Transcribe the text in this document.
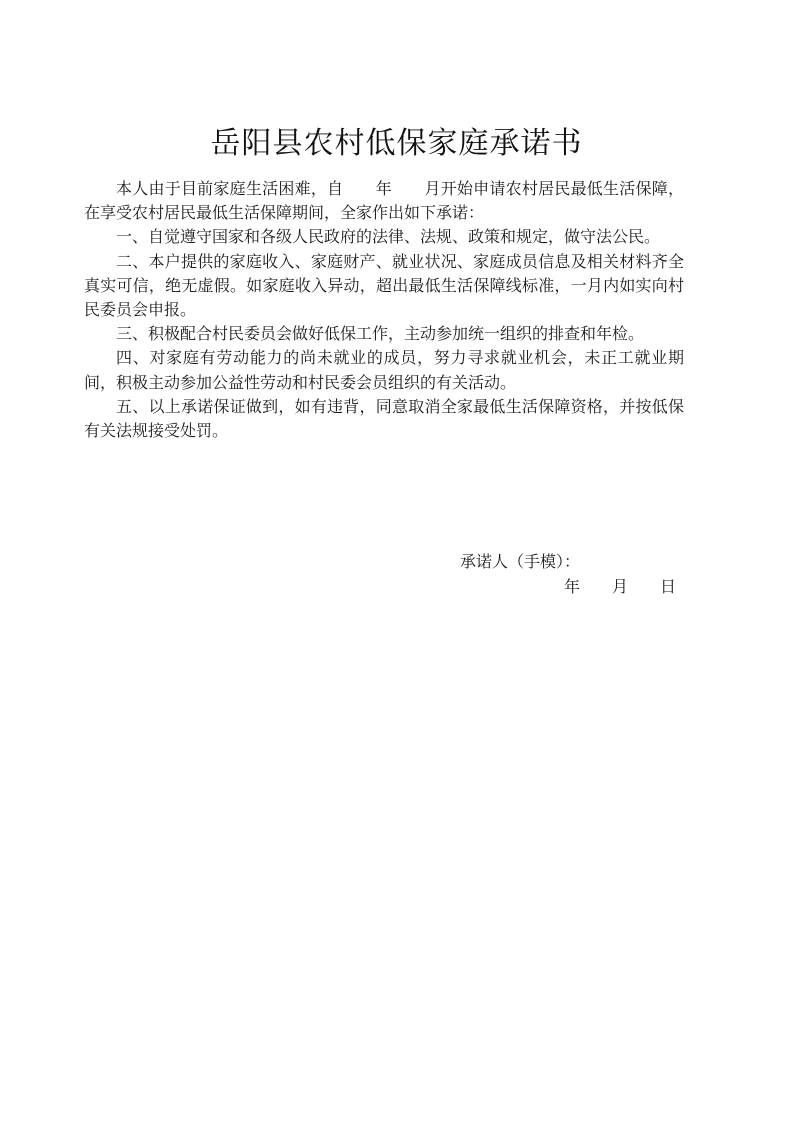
岳阳县农村低保家庭承诺书

本人由于目前家庭生活困难，自　　年　　月开始申请农村居民最低生活保障，在享受农村居民最低生活保障期间，全家作出如下承诺：

一、自觉遵守国家和各级人民政府的法律、法规、政策和规定，做守法公民。

二、本户提供的家庭收入、家庭财产、就业状况、家庭成员信息及相关材料齐全真实可信，绝无虚假。如家庭收入异动，超出最低生活保障线标准，一月内如实向村民委员会申报。

三、积极配合村民委员会做好低保工作，主动参加统一组织的排查和年检。

四、对家庭有劳动能力的尚未就业的成员，努力寻求就业机会，未正工就业期间，积极主动参加公益性劳动和村民委会员组织的有关活动。

五、以上承诺保证做到，如有违背，同意取消全家最低生活保障资格，并按低保有关法规接受处罚。

承诺人（手模）：
年　　月　　日
